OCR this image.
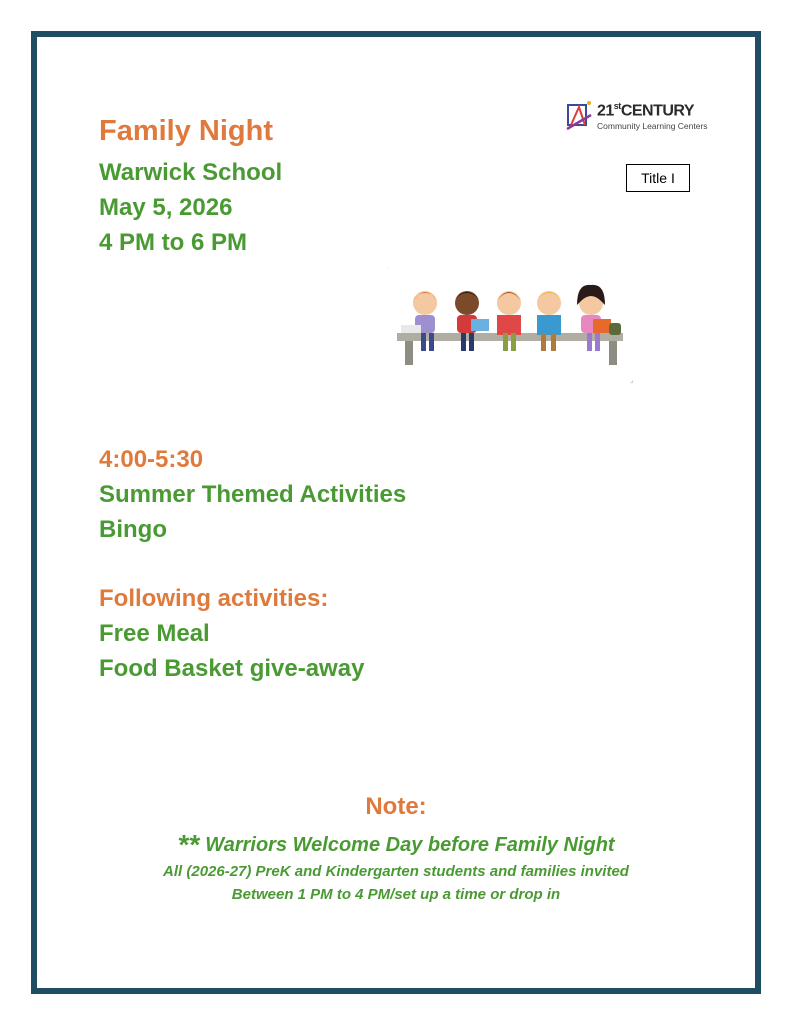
Family Night
Warwick School
May 5, 2026
4 PM to 6 PM
21stCENTURY
Community Learning Centers
Title I
4:00-5:30
Summer Themed Activities
Bingo
Following activities:
Free Meal
Food Basket give-away
Note:
** Warriors Welcome Day before Family Night
All (2026-27) PreK and Kindergarten students and families invited
Between 1 PM to 4 PM/set up a time or drop in
